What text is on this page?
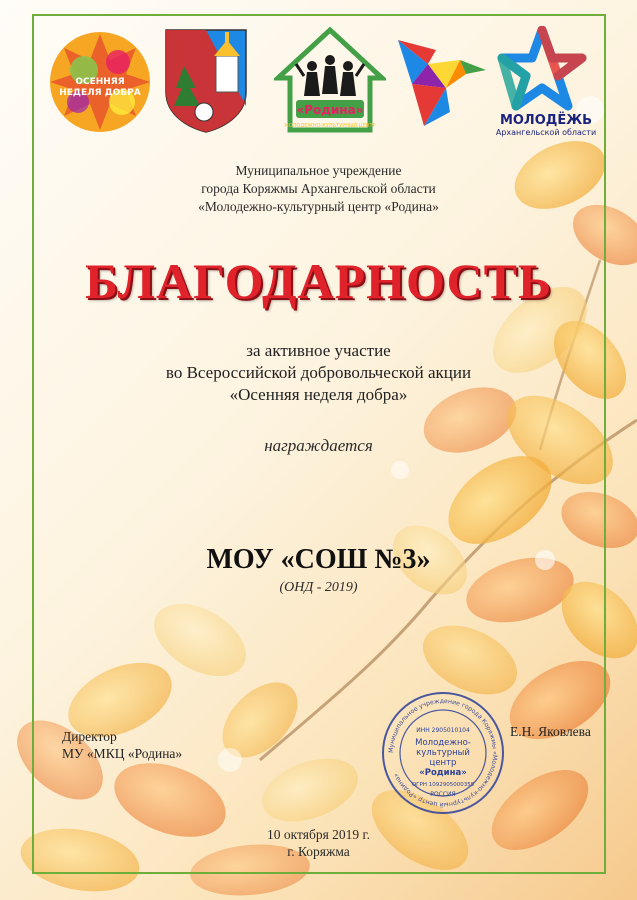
ОСЕННЯЯ
НЕДЕЛЯ ДОБРА
«Родина»
МОЛОДЕЖНО-КУЛЬТУРНЫЙ ЦЕНТР	МОЛОДЁЖЬ
Архангельской области
Муниципальное учреждение
города Коряжмы Архангельской области
«Молодежно-культурный центр «Родина»
БЛАГОДАРНОСТЬ
за активное участие
во Всероссийской добровольческой акции
«Осенняя неделя добра»
награждается
МОУ «СОШ №3»
(ОНД - 2019)
Директор
МУ «МКЦ «Родина»
Е.Н. Яковлева
Муниципальное учреждение города Коряжмы «Молодежно-культурный центр «Родина»
ИНН 2905010104
Молодежно-
культурный
центр
«Родина»
ОГРН 1092905000355
РОССИЯ
10 октября 2019 г.
г. Коряжма
